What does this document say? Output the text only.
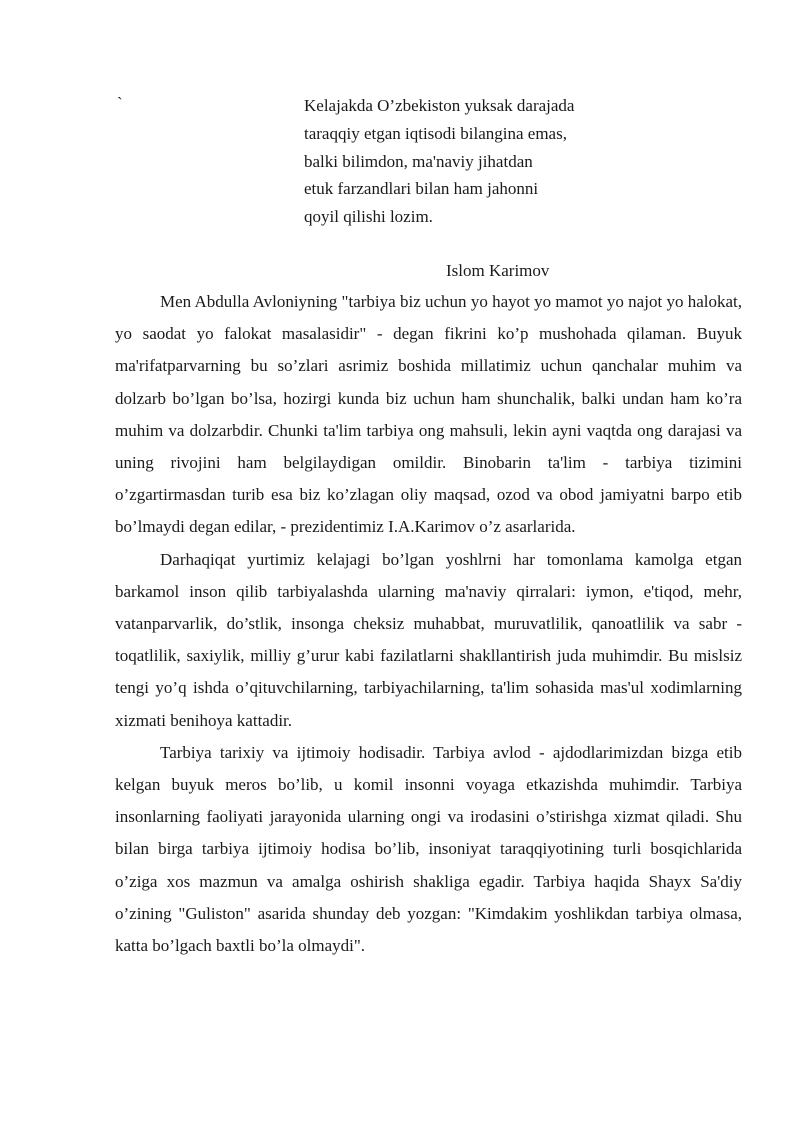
`	Kelajakda O’zbekiston yuksak darajada
taraqqiy etgan iqtisodi bilangina emas,
balki bilimdon, ma'naviy jihatdan
etuk farzandlari bilan ham jahonni
qoyil qilishi lozim.
Islom Karimov

Men Abdulla Avloniyning "tarbiya biz uchun yo hayot yo mamot yo najot yo halokat, yo saodat yo falokat masalasidir" - degan fikrini ko’p mushohada qilaman. Buyuk ma'rifatparvarning bu so’zlari asrimiz boshida millatimiz uchun qanchalar muhim va dolzarb bo’lgan bo’lsa, hozirgi kunda biz uchun ham shunchalik, balki undan ham ko’ra muhim va dolzarbdir. Chunki ta'lim tarbiya ong mahsuli, lekin ayni vaqtda ong darajasi va uning rivojini ham belgilaydigan omildir. Binobarin ta'lim - tarbiya tizimini o’zgartirmasdan turib esa biz ko’zlagan oliy maqsad, ozod va obod jamiyatni barpo etib bo’lmaydi degan edilar, - prezidentimiz I.A.Karimov o’z asarlarida.

Darhaqiqat yurtimiz kelajagi bo’lgan yoshlrni har tomonlama kamolga etgan barkamol inson qilib tarbiyalashda ularning ma'naviy qirralari: iymon, e'tiqod, mehr, vatanparvarlik, do’stlik, insonga cheksiz muhabbat, muruvatlilik, qanoatlilik va sabr - toqatlilik, saxiylik, milliy g’urur kabi fazilatlarni shakllantirish juda muhimdir. Bu mislsiz tengi yo’q ishda o’qituvchilarning, tarbiyachilarning, ta'lim sohasida mas'ul xodimlarning xizmati benihoya kattadir.

Tarbiya tarixiy va ijtimoiy hodisadir. Tarbiya avlod - ajdodlarimizdan bizga etib kelgan buyuk meros bo’lib, u komil insonni voyaga etkazishda muhimdir. Tarbiya insonlarning faoliyati jarayonida ularning ongi va irodasini o’stirishga xizmat qiladi. Shu bilan birga tarbiya ijtimoiy hodisa bo’lib, insoniyat taraqqiyotining turli bosqichlarida o’ziga xos mazmun va amalga oshirish shakliga egadir. Tarbiya haqida Shayx Sa'diy o’zining "Guliston" asarida shunday deb yozgan: "Kimdakim yoshlikdan tarbiya olmasa, katta bo’lgach baxtli bo’la olmaydi".
